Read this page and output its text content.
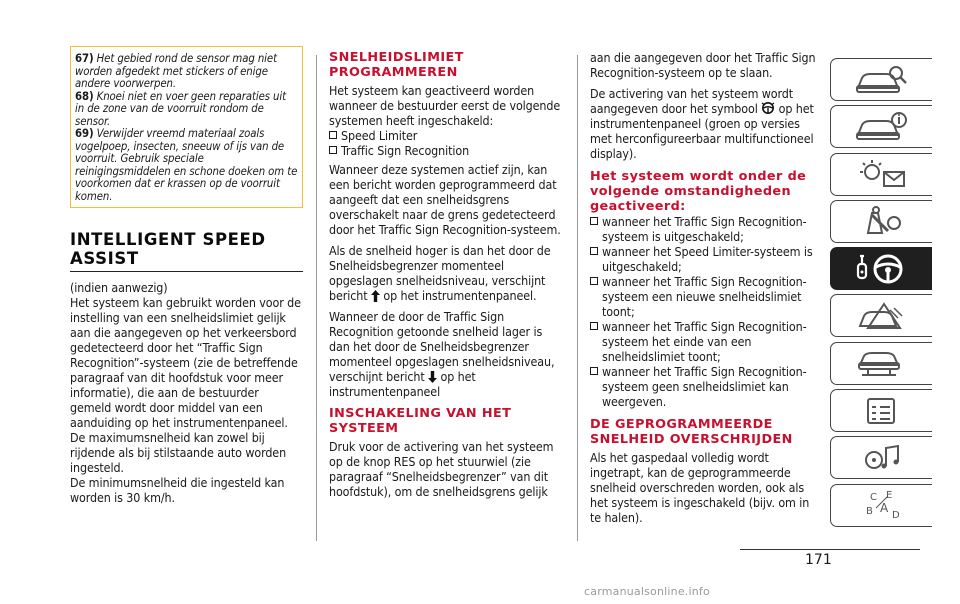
67) Het gebied rond de sensor mag niet worden afgedekt met stickers of enige andere voorwerpen.

68) Knoei niet en voer geen reparaties uit in de zone van de voorruit rondom de sensor.

69) Verwijder vreemd materiaal zoals vogelpoep, insecten, sneeuw of ijs van de voorruit. Gebruik speciale reinigingsmiddelen en schone doeken om te voorkomen dat er krassen op de voorruit komen.

INTELLIGENT SPEED ASSIST

(indien aanwezig)

Het systeem kan gebruikt worden voor de instelling van een snelheidslimiet gelijk aan die aangegeven op het verkeersbord gedetecteerd door het “Traffic Sign Recognition”-systeem (zie de betreffende paragraaf van dit hoofdstuk voor meer informatie), die aan de bestuurder gemeld wordt door middel van een aanduiding op het instrumentenpaneel.

De maximumsnelheid kan zowel bij rijdende als bij stilstaande auto worden ingesteld.

De minimumsnelheid die ingesteld kan worden is 30 km/h.

SNELHEIDSLIMIET PROGRAMMEREN

Het systeem kan geactiveerd worden wanneer de bestuurder eerst de volgende systemen heeft ingeschakeld:

Speed Limiter
Traffic Sign Recognition

Wanneer deze systemen actief zijn, kan een bericht worden geprogrammeerd dat aangeeft dat een snelheidsgrens overschakelt naar de grens gedetecteerd door het Traffic Sign Recognition-systeem.

Als de snelheid hoger is dan het door de Snelheidsbegrenzer momenteel opgeslagen snelheidsniveau, verschijnt bericht op het instrumentenpaneel.

Wanneer de door de Traffic Sign Recognition getoonde snelheid lager is dan het door de Snelheidsbegrenzer momenteel opgeslagen snelheidsniveau, verschijnt bericht op het instrumentenpaneel

INSCHAKELING VAN HET SYSTEEM

Druk voor de activering van het systeem op de knop RES op het stuurwiel (zie paragraaf “Snelheidsbegrenzer” van dit hoofdstuk), om de snelheidsgrens gelijk

aan die aangegeven door het Traffic Sign Recognition-systeem op te slaan.

De activering van het systeem wordt aangegeven door het symbool op het instrumentenpaneel (groen op versies met herconfigureerbaar multifunctioneel display).

Het systeem wordt onder de volgende omstandigheden geactiveerd:
wanneer het Traffic Sign Recognition-systeem is uitgeschakeld;
wanneer het Speed Limiter-systeem is uitgeschakeld;
wanneer het Traffic Sign Recognition-systeem een nieuwe snelheidslimiet toont;
wanneer het Traffic Sign Recognition-systeem het einde van een snelheidslimiet toont;
wanneer het Traffic Sign Recognition-systeem geen snelheidslimiet kan weergeven.
DE GEPROGRAMMEERDE SNELHEID OVERSCHRIJDEN

Als het gaspedaal volledig wordt ingetrapt, kan de geprogrammeerde snelheid overschreden worden, ook als het systeem is ingeschakeld (bijv. om in te halen).

171
C E
B A
D
carmanualsonline.info
